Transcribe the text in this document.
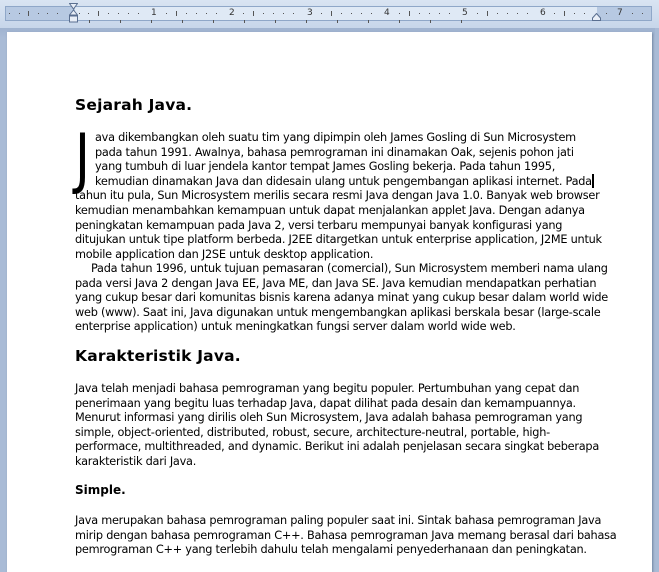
1	2	3	4	5	6	7
Sejarah Java.
J ava dikembangkan oleh suatu tim yang dipimpin oleh James Gosling di Sun Microsystem
pada tahun 1991. Awalnya, bahasa pemrograman ini dinamakan Oak, sejenis pohon jati
yang tumbuh di luar jendela kantor tempat James Gosling bekerja. Pada tahun 1995,
kemudian dinamakan Java dan didesain ulang untuk pengembangan aplikasi internet. Pada
tahun itu pula, Sun Microsystem merilis secara resmi Java dengan Java 1.0. Banyak web browser
kemudian menambahkan kemampuan untuk dapat menjalankan applet Java. Dengan adanya
peningkatan kemampuan pada Java 2, versi terbaru mempunyai banyak konfigurasi yang
ditujukan untuk tipe platform berbeda. J2EE ditargetkan untuk enterprise application, J2ME untuk
mobile application dan J2SE untuk desktop application.
Pada tahun 1996, untuk tujuan pemasaran (comercial), Sun Microsystem memberi nama ulang
pada versi Java 2 dengan Java EE, Java ME, dan Java SE. Java kemudian mendapatkan perhatian
yang cukup besar dari komunitas bisnis karena adanya minat yang cukup besar dalam world wide
web (www). Saat ini, Java digunakan untuk mengembangkan aplikasi berskala besar (large-scale
enterprise application) untuk meningkatkan fungsi server dalam world wide web.
Karakteristik Java.
Java telah menjadi bahasa pemrograman yang begitu populer. Pertumbuhan yang cepat dan
penerimaan yang begitu luas terhadap Java, dapat dilihat pada desain dan kemampuannya.
Menurut informasi yang dirilis oleh Sun Microsystem, Java adalah bahasa pemrograman yang
simple, object-oriented, distributed, robust, secure, architecture-neutral, portable, high-
performace, multithreaded, and dynamic. Berikut ini adalah penjelasan secara singkat beberapa
karakteristik dari Java.
Simple.
Java merupakan bahasa pemrograman paling populer saat ini. Sintak bahasa pemrograman Java
mirip dengan bahasa pemrograman C++. Bahasa pemrograman Java memang berasal dari bahasa
pemrograman C++ yang terlebih dahulu telah mengalami penyederhanaan dan peningkatan.
